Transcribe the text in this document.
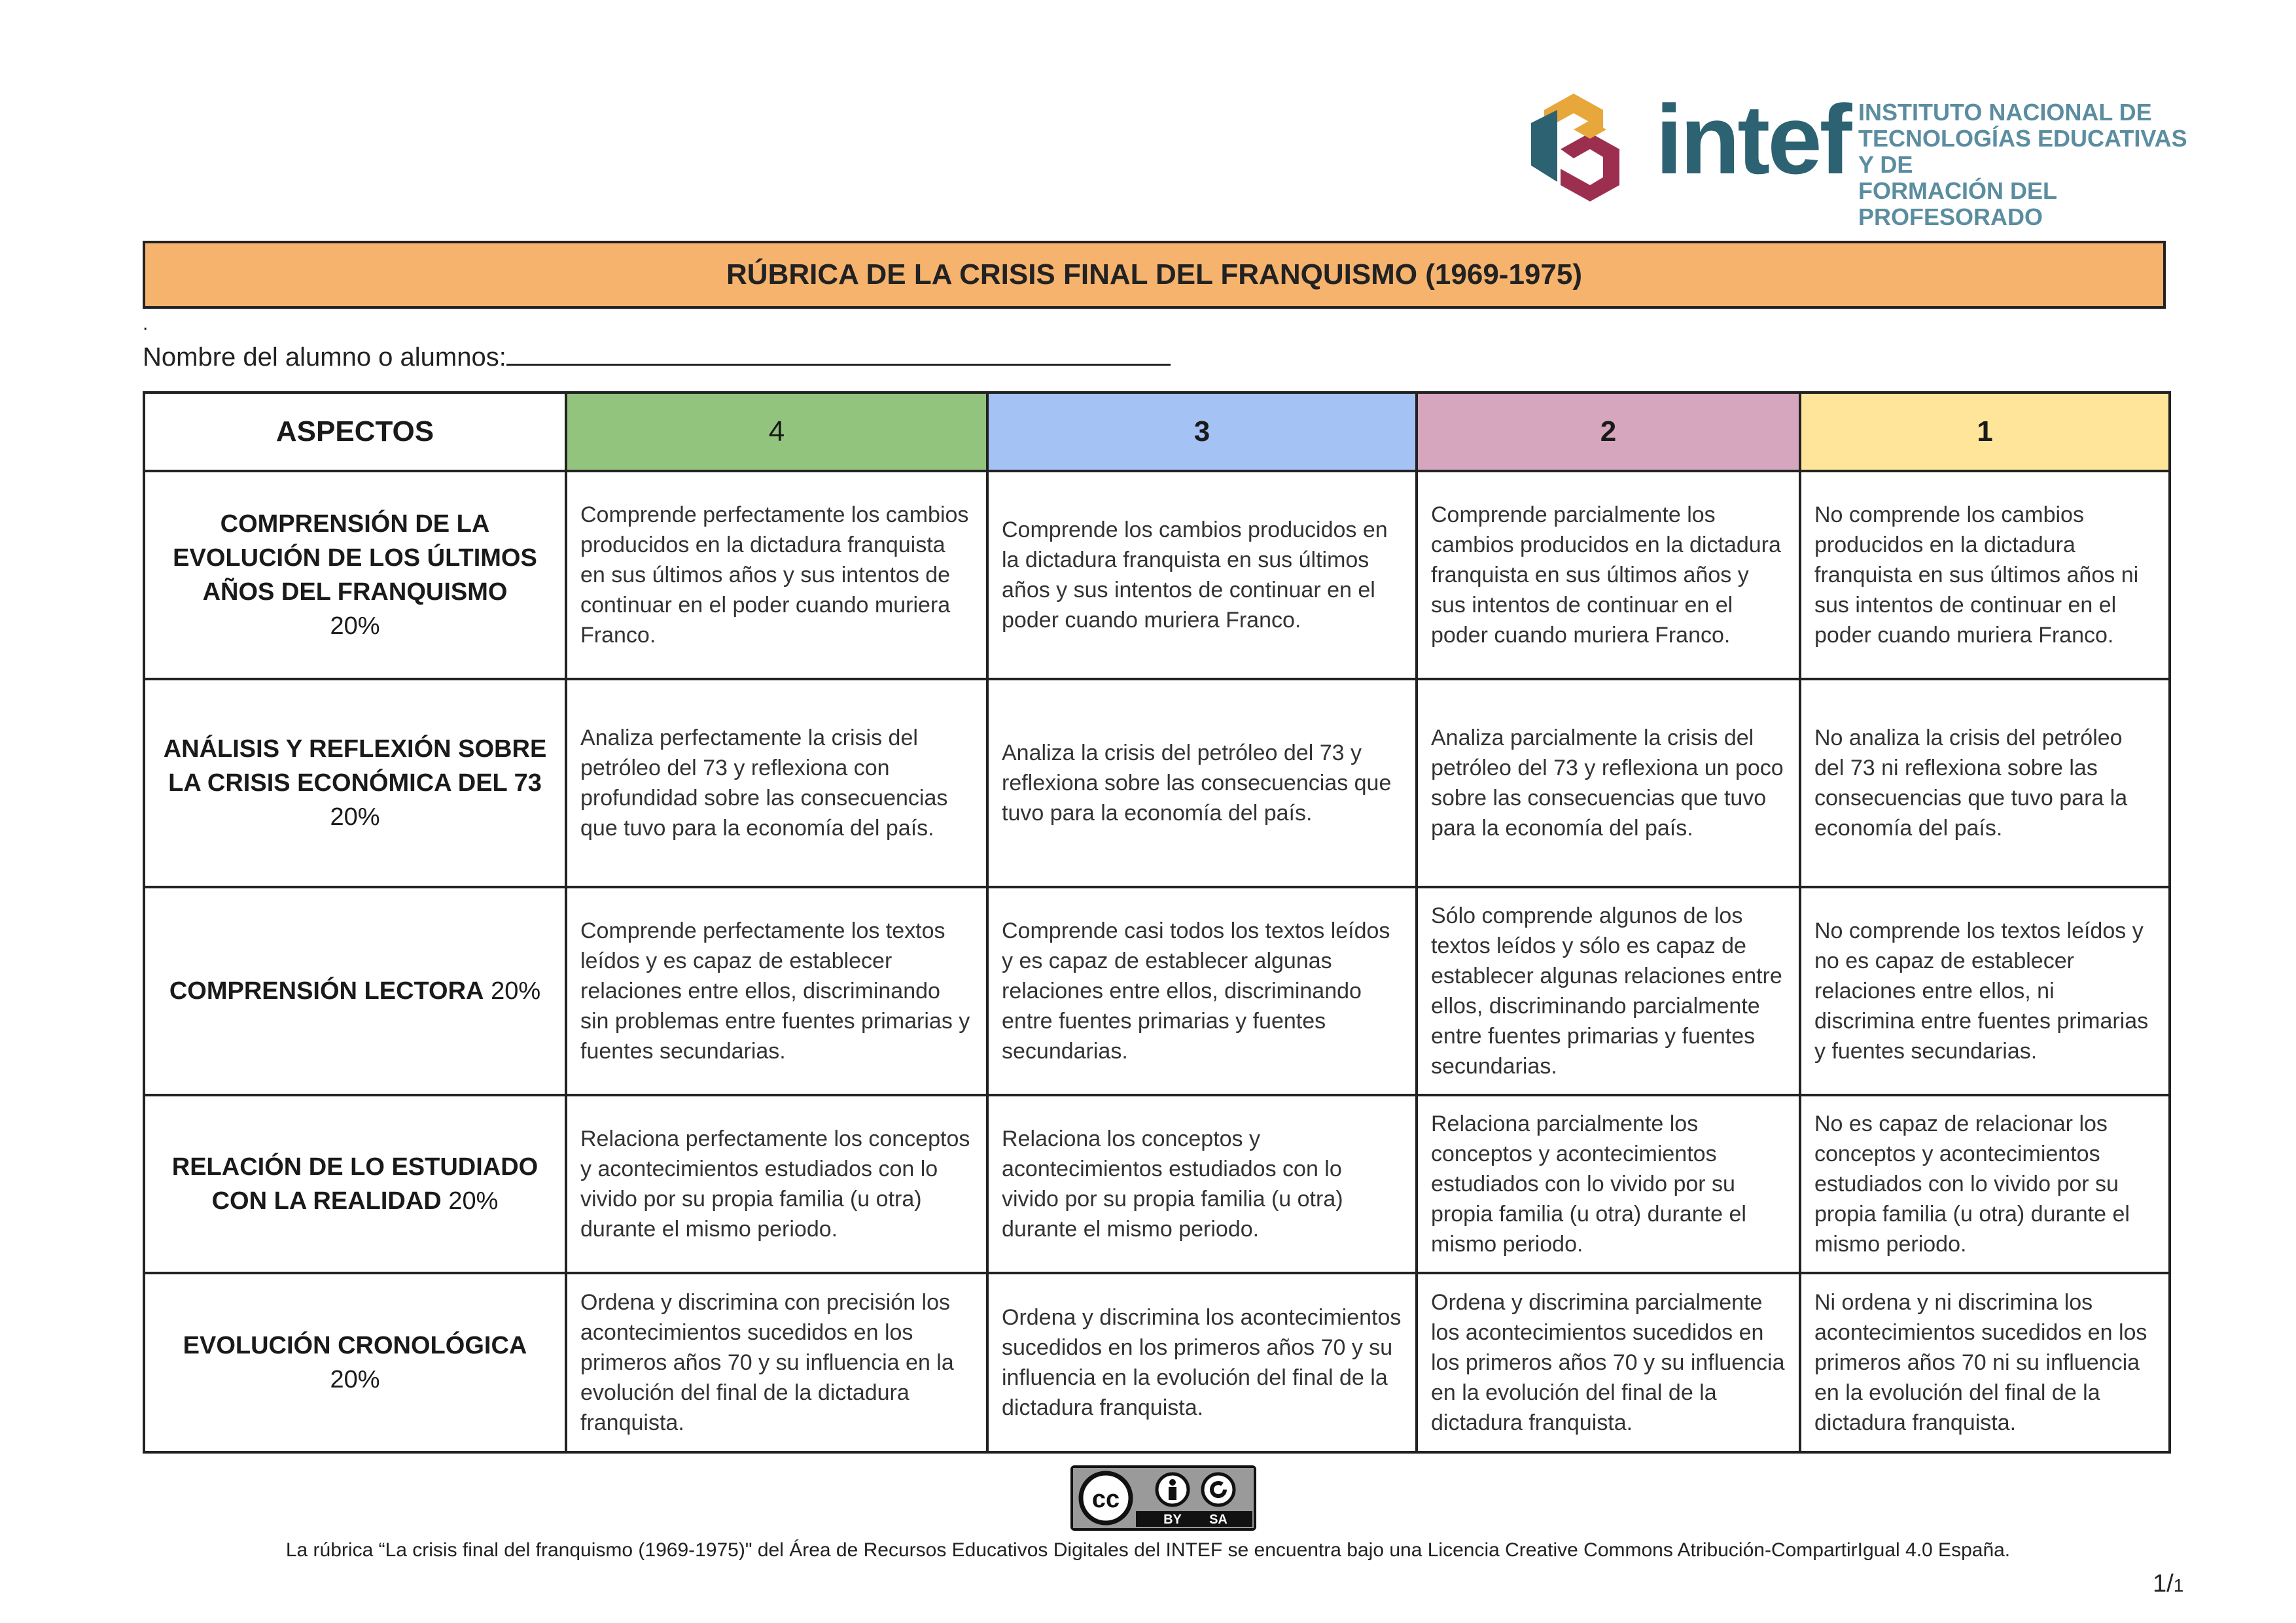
intef INSTITUTO NACIONAL DE
TECNOLOGÍAS EDUCATIVAS Y DE
FORMACIÓN DEL PROFESORADO
RÚBRICA DE LA CRISIS FINAL DEL FRANQUISMO (1969-1975)
.
Nombre del alumno o alumnos:
ASPECTOS	4	3	2	1
COMPRENSIÓN DE LA EVOLUCIÓN DE LOS ÚLTIMOS AÑOS DEL FRANQUISMO
20%	Comprende perfectamente los cambios producidos en la dictadura franquista en sus últimos años y sus intentos de continuar en el poder cuando muriera Franco.	Comprende los cambios producidos en la dictadura franquista en sus últimos años y sus intentos de continuar en el poder cuando muriera Franco.	Comprende parcialmente los cambios producidos en la dictadura franquista en sus últimos años y sus intentos de continuar en el poder cuando muriera Franco.	No comprende los cambios producidos en la dictadura franquista en sus últimos años ni sus intentos de continuar en el poder cuando muriera Franco.
ANÁLISIS Y REFLEXIÓN SOBRE LA CRISIS ECONÓMICA DEL 73
20%	Analiza perfectamente la crisis del petróleo del 73 y reflexiona con profundidad sobre las consecuencias que tuvo para la economía del país.	Analiza la crisis del petróleo del 73 y reflexiona sobre las consecuencias que tuvo para la economía del país.	Analiza parcialmente la crisis del petróleo del 73 y reflexiona un poco sobre las consecuencias que tuvo para la economía del país.	No analiza la crisis del petróleo del 73 ni reflexiona sobre las consecuencias que tuvo para la economía del país.
COMPRENSIÓN LECTORA 20%	Comprende perfectamente los textos leídos y es capaz de establecer relaciones entre ellos, discriminando sin problemas entre fuentes primarias y fuentes secundarias.	Comprende casi todos los textos leídos y es capaz de establecer algunas relaciones entre ellos, discriminando entre fuentes primarias y fuentes secundarias.	Sólo comprende algunos de los textos leídos y sólo es capaz de establecer algunas relaciones entre ellos, discriminando parcialmente entre fuentes primarias y fuentes secundarias.	No comprende los textos leídos y no es capaz de establecer relaciones entre ellos, ni discrimina entre fuentes primarias y fuentes secundarias.
RELACIÓN DE LO ESTUDIADO CON LA REALIDAD 20%	Relaciona perfectamente los conceptos y acontecimientos estudiados con lo vivido por su propia familia (u otra) durante el mismo periodo.	Relaciona los conceptos y acontecimientos estudiados con lo vivido por su propia familia (u otra) durante el mismo periodo.	Relaciona parcialmente los conceptos y acontecimientos estudiados con lo vivido por su propia familia (u otra) durante el mismo periodo.	No es capaz de relacionar los conceptos y acontecimientos estudiados con lo vivido por su propia familia (u otra) durante el mismo periodo.
EVOLUCIÓN CRONOLÓGICA
20%	Ordena y discrimina con precisión los acontecimientos sucedidos en los primeros años 70 y su influencia en la evolución del final de la dictadura franquista.	Ordena y discrimina los acontecimientos sucedidos en los primeros años 70 y su influencia en la evolución del final de la dictadura franquista.	Ordena y discrimina parcialmente los acontecimientos sucedidos en los primeros años 70 y su influencia en la evolución del final de la dictadura franquista.	Ni ordena y ni discrimina los acontecimientos sucedidos en los primeros años 70 ni su influencia en la evolución del final de la dictadura franquista.
cc
BY SA
La rúbrica “La crisis final del franquismo (1969-1975)" del Área de Recursos Educativos Digitales del INTEF se encuentra bajo una Licencia Creative Commons Atribución-CompartirIgual 4.0 España.
1/1
